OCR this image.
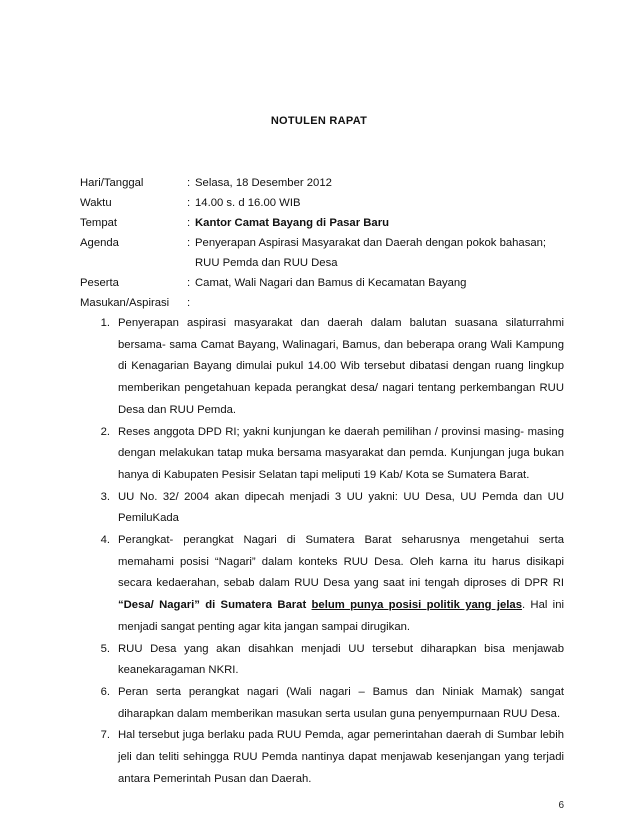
NOTULEN RAPAT
Hari/Tanggal	: Selasa, 18 Desember 2012
Waktu	: 14.00 s. d 16.00 WIB
Tempat	: Kantor Camat Bayang di Pasar Baru
Agenda	: Penyerapan Aspirasi Masyarakat dan Daerah dengan pokok bahasan;
RUU Pemda dan RUU Desa
Peserta	: Camat, Wali Nagari dan Bamus di Kecamatan Bayang
Masukan/Aspirasi	:
1. Penyerapan aspirasi masyarakat dan daerah dalam balutan suasana silaturrahmi bersama- sama Camat Bayang, Walinagari, Bamus, dan beberapa orang Wali Kampung di Kenagarian Bayang dimulai pukul 14.00 Wib tersebut dibatasi dengan ruang lingkup memberikan pengetahuan kepada perangkat desa/ nagari tentang perkembangan RUU Desa dan RUU Pemda.
2. Reses anggota DPD RI; yakni kunjungan ke daerah pemilihan / provinsi masing- masing dengan melakukan tatap muka bersama masyarakat dan pemda. Kunjungan juga bukan hanya di Kabupaten Pesisir Selatan tapi meliputi 19 Kab/ Kota se Sumatera Barat.
3. UU No. 32/ 2004 akan dipecah menjadi 3 UU yakni: UU Desa, UU Pemda dan UU PemiluKada
4. Perangkat- perangkat Nagari di Sumatera Barat seharusnya mengetahui serta memahami posisi “Nagari” dalam konteks RUU Desa. Oleh karna itu harus disikapi secara kedaerahan, sebab dalam RUU Desa yang saat ini tengah diproses di DPR RI “Desa/ Nagari” di Sumatera Barat belum punya posisi politik yang jelas. Hal ini menjadi sangat penting agar kita jangan sampai dirugikan.
5. RUU Desa yang akan disahkan menjadi UU tersebut diharapkan bisa menjawab keanekaragaman NKRI.
6. Peran serta perangkat nagari (Wali nagari – Bamus dan Niniak Mamak) sangat diharapkan dalam memberikan masukan serta usulan guna penyempurnaan RUU Desa.
7. Hal tersebut juga berlaku pada RUU Pemda, agar pemerintahan daerah di Sumbar lebih jeli dan teliti sehingga RUU Pemda nantinya dapat menjawab kesenjangan yang terjadi antara Pemerintah Pusan dan Daerah.
6
